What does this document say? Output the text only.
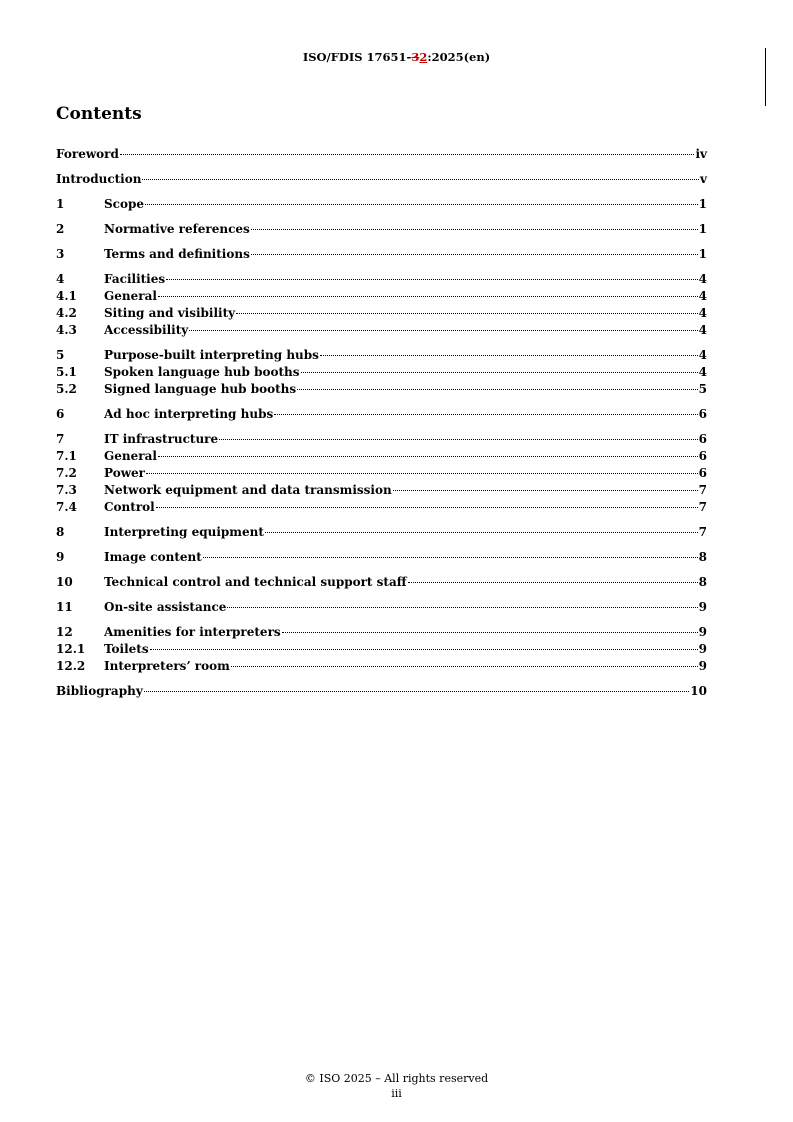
ISO/FDIS 17651-32:2025(en)
Contents
Foreword	iv
Introduction	v
1	Scope	1
2	Normative references	1
3	Terms and definitions	1
4	Facilities	4
4.1	General	4
4.2	Siting and visibility	4
4.3	Accessibility	4
5	Purpose-built interpreting hubs	4
5.1	Spoken language hub booths	4
5.2	Signed language hub booths	5
6	Ad hoc interpreting hubs	6
7	IT infrastructure	6
7.1	General	6
7.2	Power	6
7.3	Network equipment and data transmission	7
7.4	Control	7
8	Interpreting equipment	7
9	Image content	8
10	Technical control and technical support staff	8
11	On-site assistance	9
12	Amenities for interpreters	9
12.1	Toilets	9
12.2	Interpreters’ room	9
Bibliography	10
© ISO 2025 – All rights reserved
iii
